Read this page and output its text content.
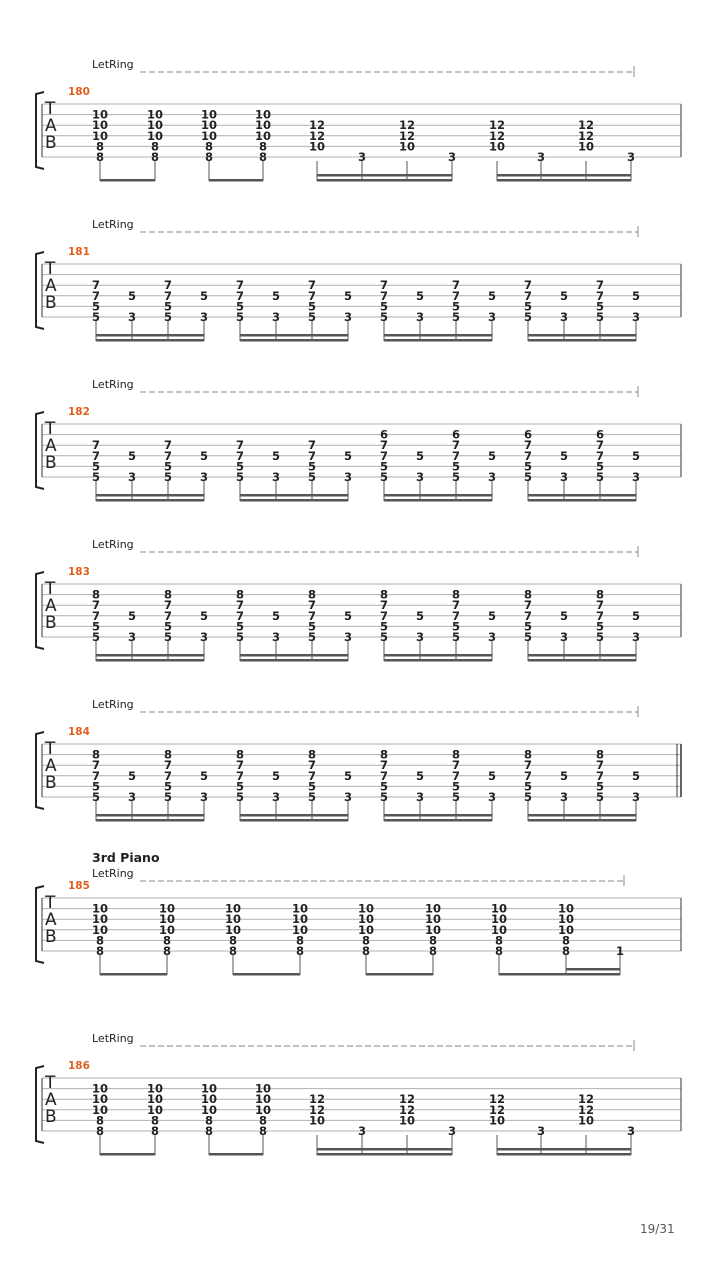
LetRing
180
T
A
B
10
10
10
8
8
10
10
10
8
8
10
10
10
8
8
10
10
10
8
8
12
12
10
3
12
12
10
3
12
12
10
3
12
12
10
3
LetRing
181
T
A
B
7
7
5
5
5
3
7
7
5
5
5
3
7
7
5
5
5
3
7
7
5
5
5
3
7
7
5
5
5
3
7
7
5
5
5
3
7
7
5
5
5
3
7
7
5
5
5
3
LetRing
182
T
A
B
7
7
5
5
5
3
7
7
5
5
5
3
7
7
5
5
5
3
7
7
5
5
5
3
6
7
7
5
5
5
3
6
7
7
5
5
5
3
6
7
7
5
5
5
3
6
7
7
5
5
5
3
LetRing
183
T
A
B
8
7
7
5
5
5
3
8
7
7
5
5
5
3
8
7
7
5
5
5
3
8
7
7
5
5
5
3
8
7
7
5
5
5
3
8
7
7
5
5
5
3
8
7
7
5
5
5
3
8
7
7
5
5
5
3
LetRing
184
T
A
B
8
7
7
5
5
5
3
8
7
7
5
5
5
3
8
7
7
5
5
5
3
8
7
7
5
5
5
3
8
7
7
5
5
5
3
8
7
7
5
5
5
3
8
7
7
5
5
5
3
8
7
7
5
5
5
3
3rd Piano
LetRing
185
T
A
B
10
10
10
8
8
10
10
10
8
8
10
10
10
8
8
10
10
10
8
8
10
10
10
8
8
10
10
10
8
8
10
10
10
8
8
10
10
10
8
8	1
LetRing
186
T
A
B
10
10
10
8
8
10
10
10
8
8
10
10
10
8
8
10
10
10
8
8
12
12
10
3
12
12
10
3
12
12
10
3
12
12
10
3
19/31
